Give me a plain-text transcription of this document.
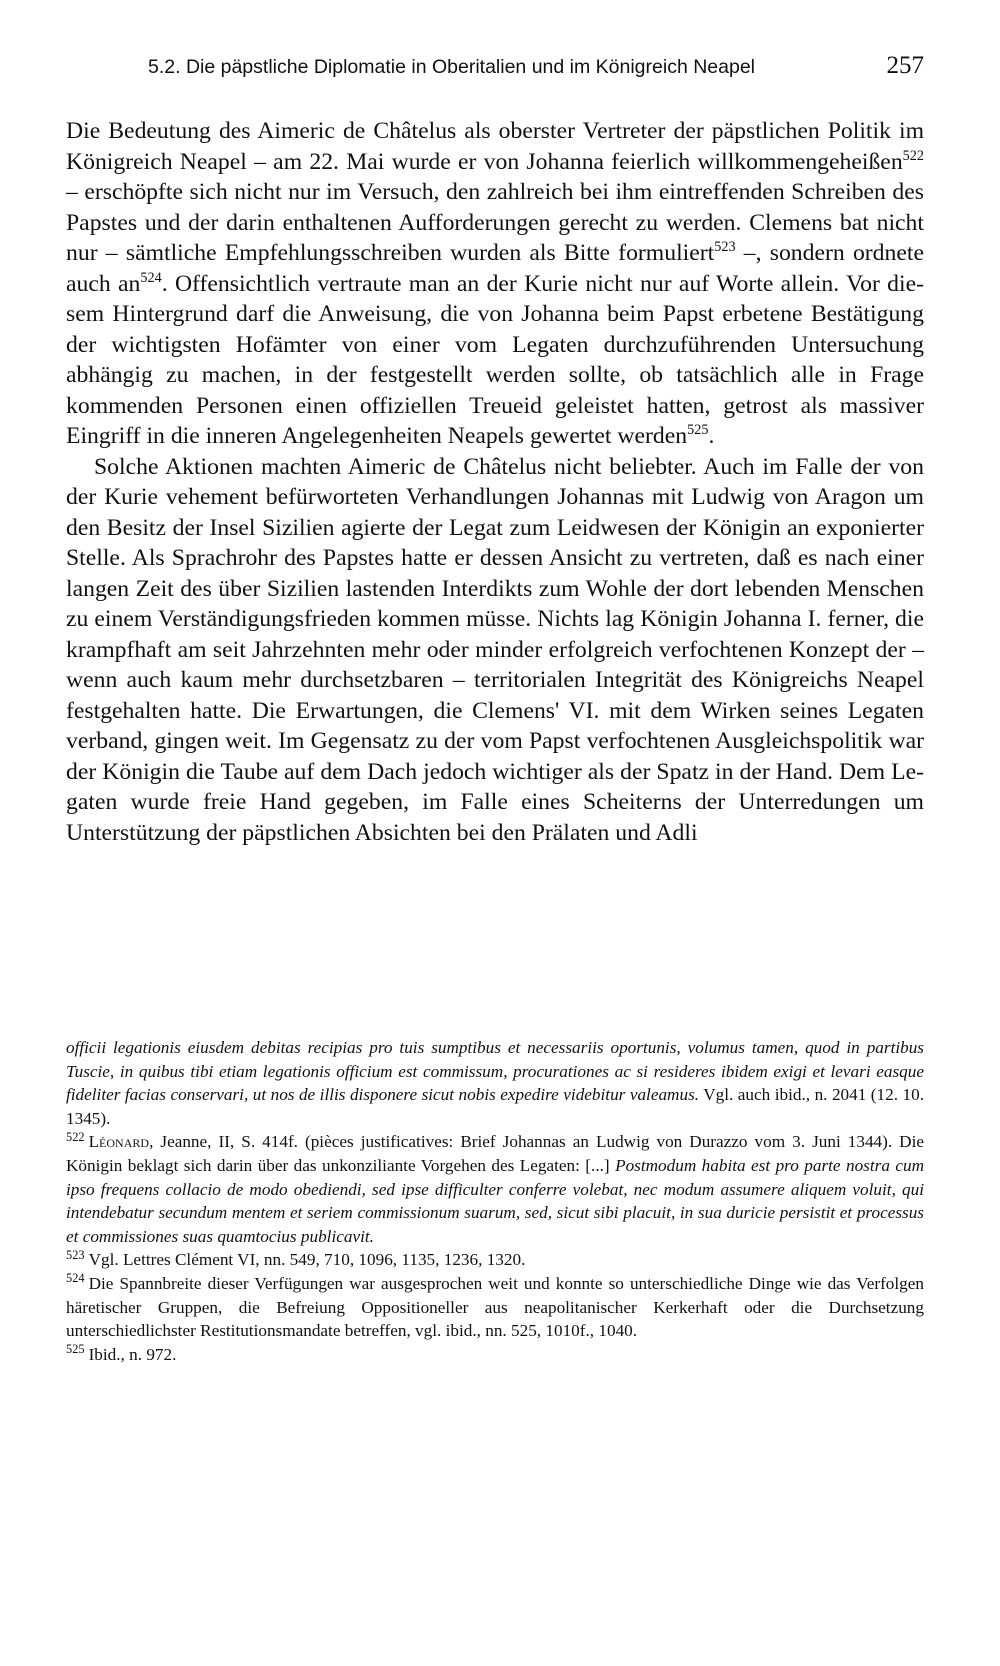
5.2. Die päpstliche Diplomatie in Oberitalien und im Königreich Neapel	257

Die Bedeutung des Aimeric de Châtelus als oberster Vertreter der päpstlichen Politik im Königreich Neapel – am 22. Mai wurde er von Johanna feierlich willkommengeheißen$^{522}$ – erschöpfte sich nicht nur im Versuch, den zahlreich bei ihm eintreffenden Schreiben des Papstes und der darin enthaltenen Aufforderungen gerecht zu werden. Clemens bat nicht nur – sämtliche Empfehlungsschreiben wurden als Bitte formuliert$^{523}$ –, sondern ordnete auch $an^{524}$. Offensichtlich vertraute man an der Kurie nicht nur auf Worte allein. Vor diesem Hintergrund darf die Anweisung, die von Johanna beim Papst erbetene Bestätigung der wichtigsten Hofämter von einer vom Legaten durchzuführenden Untersuchung abhängig zu machen, in der festgestellt werden sollte, ob tatsächlich alle in Frage kommenden Personen einen offiziellen Treueid geleistet hatten, getrost als massiver Eingriff in die inneren Angelegenheiten Neapels gewertet werden$^{525}$.

Solche Aktionen machten Aimeric de Châtelus nicht beliebter. Auch im Falle der von der Kurie vehement befürworteten Verhandlungen Johannas mit Ludwig von Aragon um den Besitz der Insel Sizilien agierte der Legat zum Leidwesen der Königin an exponierter Stelle. Als Sprachrohr des Papstes hatte er dessen Ansicht zu vertreten, daß es nach einer langen Zeit des über Sizilien lastenden Interdikts zum Wohle der dort lebenden Menschen zu einem Verständigungsfrieden kommen müsse. Nichts lag Königin Johanna I. ferner, die krampfhaft am seit Jahrzehnten mehr oder minder erfolgreich verfochtenen Konzept der – wenn auch kaum mehr durchsetzbaren – territorialen Integrität des Königreichs Neapel festgehalten hatte. Die Erwartungen, die Clemens' VI. mit dem Wirken seines Legaten verband, gingen weit. Im Gegensatz zu der vom Papst verfochtenen Ausgleichspolitik war der Königin die Taube auf dem Dach jedoch wichtiger als der Spatz in der Hand. Dem Legaten wurde freie Hand gegeben, im Falle eines Scheiterns der Unterredungen um Unterstützung der päpstlichen Absichten bei den Prälaten und Adli

officii legationis eiusdem debitas recipias pro tuis sumptibus et necessariis oportunis, volumus tamen, quod in partibus Tuscie, in quibus tibi etiam legationis officium est commissum, procurationes ac si resideres ibidem exigi et levari easque fideliter facias conservari, ut nos de illis disponere sicut nobis expedire videbitur valeamus. Vgl. auch ibid., n. 2041 (12. 10. 1345).

$^{522}$ Léonard, Jeanne, II, S. 414f. (pièces justificatives: Brief Johannas an Ludwig von Durazzo vom 3. Juni 1344). Die Königin beklagt sich darin über das unkonziliante Vorgehen des Legaten: [...] Postmodum habita est pro parte nostra cum ipso frequens collacio de modo obediendi, sed ipse difficulter conferre volebat, nec modum assumere aliquem voluit, qui intendebatur secundum mentem et seriem commissionum suarum, sed, sicut sibi placuit, in sua duricie persistit et processus et commissiones suas quamtocius publicavit.

$^{523}$ Vgl. Lettres Clément VI, nn. 549, 710, 1096, 1135, 1236, 1320.

$^{524}$ Die Spannbreite dieser Verfügungen war ausgesprochen weit und konnte so unterschiedliche Dinge wie das Verfolgen häretischer Gruppen, die Befreiung Oppositioneller aus neapolitanischer Kerkerhaft oder die Durchsetzung unterschiedlichster Restitutionsmandate betreffen, vgl. ibid., nn. 525, 1010f., 1040.

$^{525}$ Ibid., n. 972.
